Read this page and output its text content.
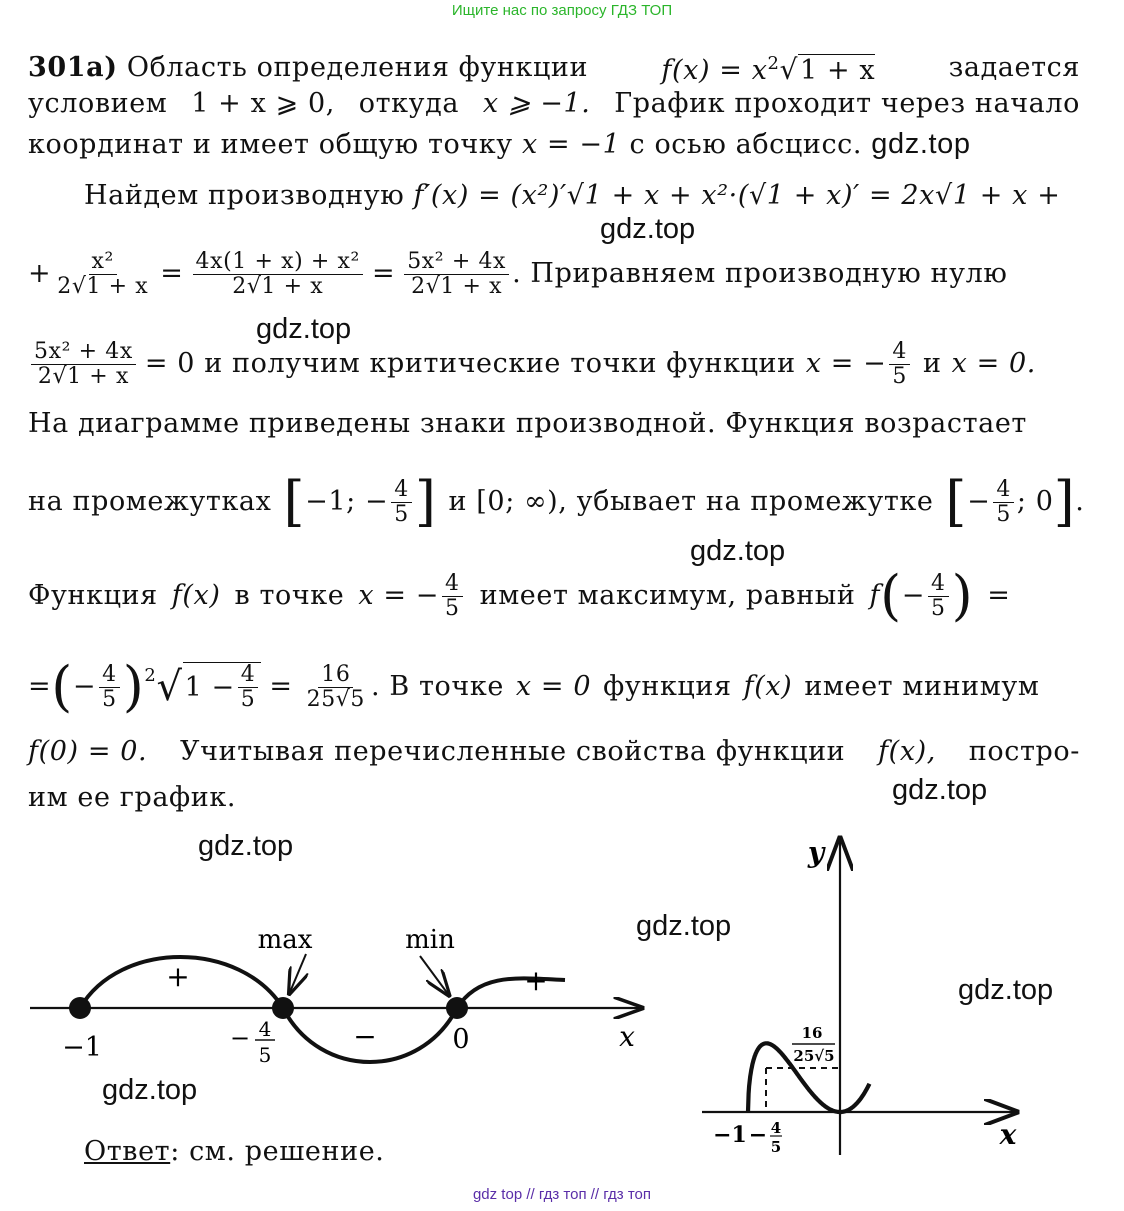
Ищите нас по запросу ГДЗ ТОП
301а) Область определения функции	$f(x) = x^2√1 + x$	задается
условием 1 + x ⩾ 0, откуда x ⩾ −1. График проходит через начало
координат и имеет общую точку x = −1 с осью абсцисс. gdz.top
Найдем производную f′(x) = (x²)′√1 + x + x²·(√1 + x)′ = 2x√1 + x +
gdz.top
+ $\frac{\text{x²}}{2√1 + x} = \frac{\text{4x(1 + x) + x²}}{2√1 + x} = \frac{\text{5x² + 4x}}{2√1 + x}$ . Приравняем производную нулю
gdz.top
$\frac{\text{5x² + 4x}}{2√1 + x} = 0$ и получим критические точки функции x = − $\frac{4}{5}$ и x = 0.
На диаграмме приведены знаки производной. Функция возрастает
на промежутках [ −1; − $\frac{4}{5}$ ] и [0; ∞), убывает на промежутке [ − $\frac{4}{5}$ ; 0 ] .
gdz.top
Функция f(x) в точке x = − $\frac{4}{5}$ имеет максимум, равный f ( − $\frac{4}{5}$ ) =
= ( − $\frac{4}{5} )^2$ √ $1 - \frac{4}{5} = \frac{16}{25√5}$ . В точке x = 0 функция f(x) имеет минимум
f(0) = 0. Учитывая перечисленные свойства функции f(x), постро-
им ее график.	gdz.top
gdz.top
gdz.top
gdz.top
gdz.top
+
−
+
max	min
−1	− 4
5	0	x
y
x
16
25√5
−1 − 4
5
Ответ: см. решение.
gdz top // гдз топ // гдз топ
